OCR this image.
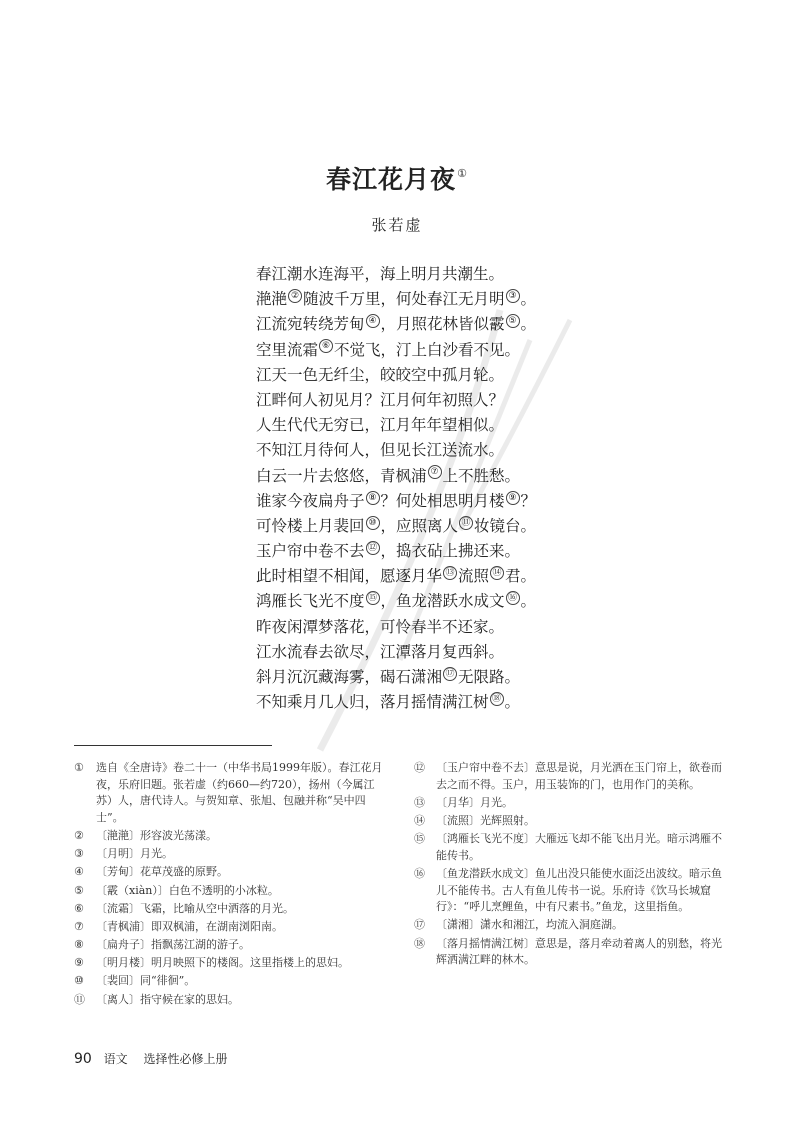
春江花月夜①
张若虚
春江潮水连海平，海上明月共潮生。
滟滟 ② 随波千万里，何处春江无月明 ③ 。
江流宛转绕芳甸 ④ ，月照花林皆似霰 ⑤ 。
空里流霜 ⑥ 不觉飞，汀上白沙看不见。
江天一色无纤尘，皎皎空中孤月轮。
江畔何人初见月？江月何年初照人？
人生代代无穷已，江月年年望相似。
不知江月待何人，但见长江送流水。
白云一片去悠悠，青枫浦 ⑦ 上不胜愁。
谁家今夜扁舟子 ⑧ ？何处相思明月楼 ⑨ ？
可怜楼上月裴回 ⑩ ，应照离人 ⑪ 妆镜台。
玉户帘中卷不去 ⑫ ，捣衣砧上拂还来。
此时相望不相闻，愿逐月华 ⑬ 流照 ⑭ 君。
鸿雁长飞光不度 ⑮ ，鱼龙潜跃水成文 ⑯ 。
昨夜闲潭梦落花，可怜春半不还家。
江水流春去欲尽，江潭落月复西斜。
斜月沉沉藏海雾，碣石潇湘 ⑰ 无限路。
不知乘月几人归，落月摇情满江树 ⑱ 。
① 选自《全唐诗》卷二十一（中华书局1999年版）。春江花月夜，乐府旧题。张若虚（约660—约720），扬州（今属江苏）人，唐代诗人。与贺知章、张旭、包融并称“吴中四士”。
② 〔滟滟〕形容波光荡漾。
③ 〔月明〕月光。
④ 〔芳甸〕花草茂盛的原野。
⑤ 〔霰（xiàn）〕白色不透明的小冰粒。
⑥ 〔流霜〕飞霜，比喻从空中洒落的月光。
⑦ 〔青枫浦〕即双枫浦，在湖南浏阳南。
⑧ 〔扁舟子〕指飘荡江湖的游子。
⑨ 〔明月楼〕明月映照下的楼阁。这里指楼上的思妇。
⑩ 〔裴回〕同“徘徊”。
⑪ 〔离人〕指守候在家的思妇。
⑫ 〔玉户帘中卷不去〕意思是说，月光洒在玉门帘上，欲卷而去之而不得。玉户，用玉装饰的门，也用作门的美称。
⑬ 〔月华〕月光。
⑭ 〔流照〕光辉照射。
⑮ 〔鸿雁长飞光不度〕大雁远飞却不能飞出月光。暗示鸿雁不能传书。
⑯ 〔鱼龙潜跃水成文〕鱼儿出没只能使水面泛出波纹。暗示鱼儿不能传书。古人有鱼儿传书一说。乐府诗《饮马长城窟行》：“呼儿烹鲤鱼，中有尺素书。”鱼龙，这里指鱼。
⑰ 〔潇湘〕潇水和湘江，均流入洞庭湖。
⑱ 〔落月摇情满江树〕意思是，落月牵动着离人的别愁，将光辉洒满江畔的林木。
90 语文 选择性必修上册
